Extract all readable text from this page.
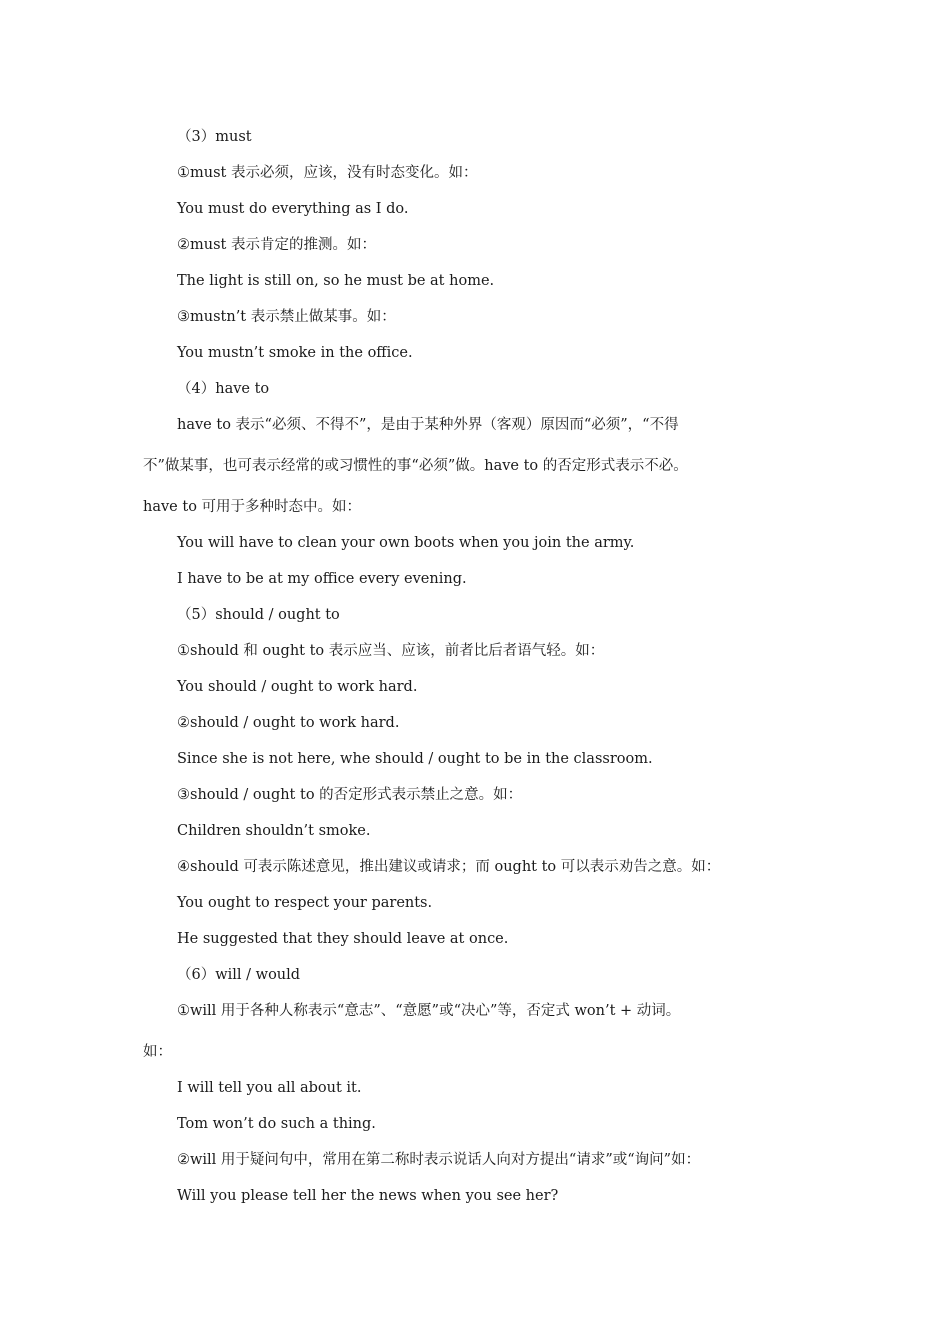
（3）must

①must 表示必须，应该，没有时态变化。如：

You must do everything as I do.

②must 表示肯定的推测。如：

The light is still on, so he must be at home.

③mustn’t 表示禁止做某事。如：

You mustn’t smoke in the office.

（4）have to

have to 表示“必须、不得不”，是由于某种外界（客观）原因而“必须”，“不得

不”做某事，也可表示经常的或习惯性的事“必须”做。have to 的否定形式表示不必。

have to 可用于多种时态中。如：

You will have to clean your own boots when you join the army.

I have to be at my office every evening.

（5）should / ought to

①should 和 ought to 表示应当、应该，前者比后者语气轻。如：

You should / ought to work hard.

②should / ought to work hard.

Since she is not here, whe should / ought to be in the classroom.

③should / ought to 的否定形式表示禁止之意。如：

Children shouldn’t smoke.

④should 可表示陈述意见，推出建议或请求；而 ought to 可以表示劝告之意。如：

You ought to respect your parents.

He suggested that they should leave at once.

（6）will / would

①will 用于各种人称表示“意志”、“意愿”或“决心”等，否定式 won’t + 动词。

如：

I will tell you all about it.

Tom won’t do such a thing.

②will 用于疑问句中，常用在第二称时表示说话人向对方提出“请求”或“询问”如：

Will you please tell her the news when you see her?
